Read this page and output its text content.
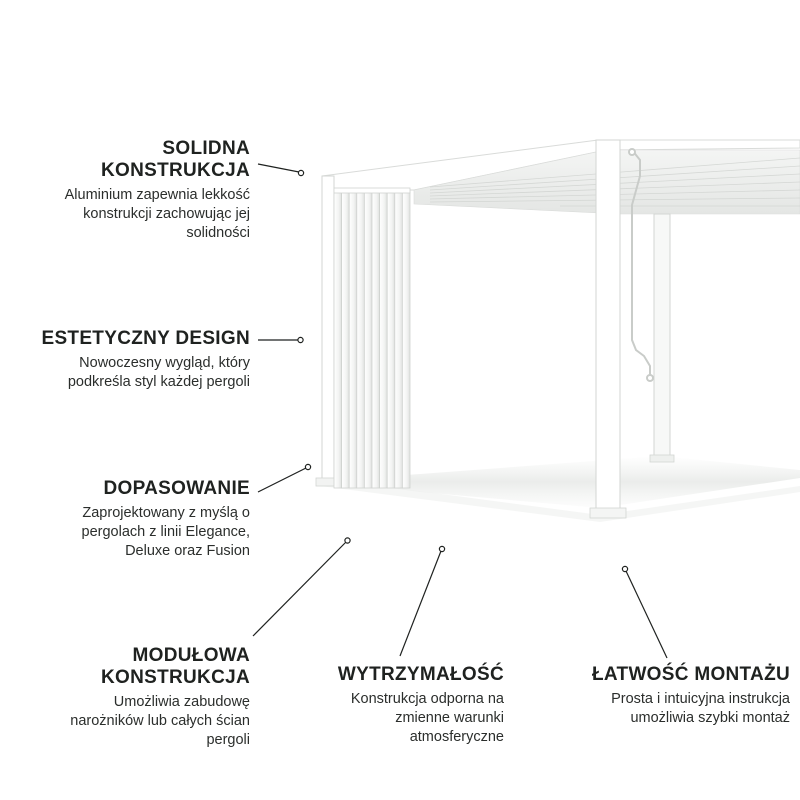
SOLIDNA
KONSTRUKCJA
Aluminium zapewnia lekkość
konstrukcji zachowując jej
solidności
ESTETYCZNY DESIGN
Nowoczesny wygląd, który
podkreśla styl każdej pergoli
DOPASOWANIE
Zaprojektowany z myślą o
pergolach z linii Elegance,
Deluxe oraz Fusion
MODUŁOWA
KONSTRUKCJA
Umożliwia zabudowę
narożników lub całych ścian
pergoli
WYTRZYMAŁOŚĆ
Konstrukcja odporna na
zmienne warunki
atmosferyczne
ŁATWOŚĆ MONTAŻU
Prosta i intuicyjna instrukcja
umożliwia szybki montaż
